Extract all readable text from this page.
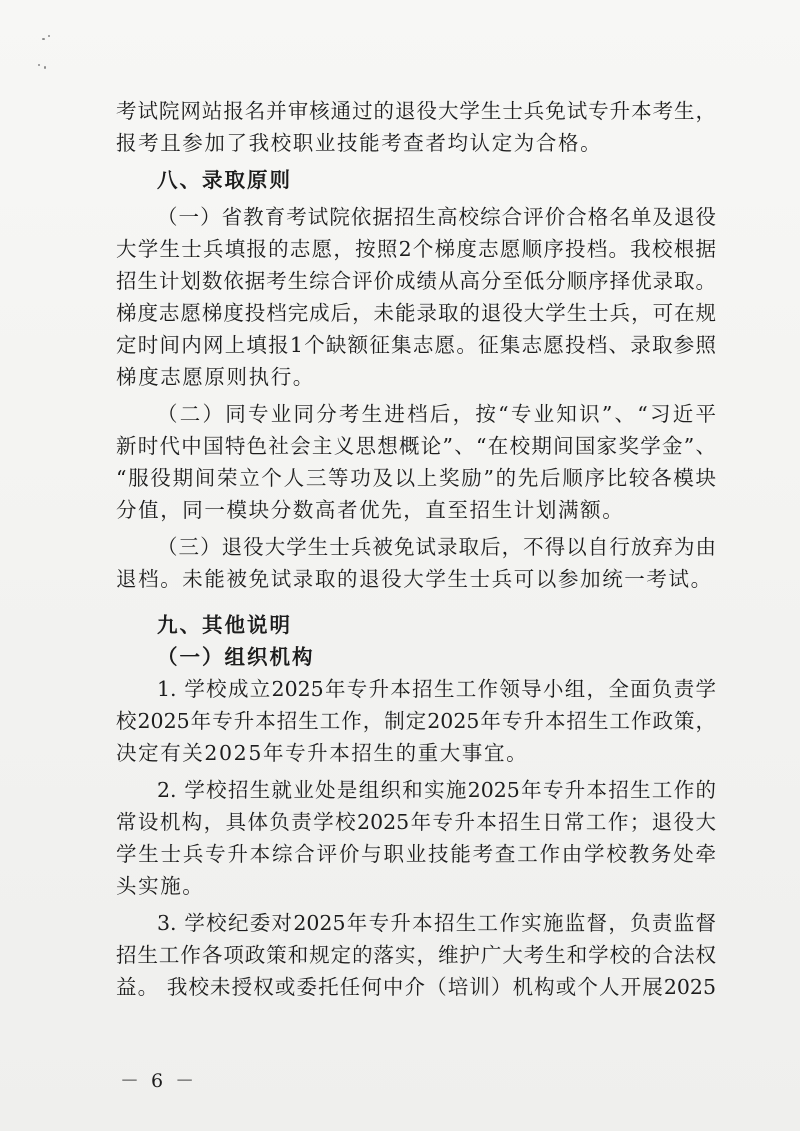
考试院网站报名并审核通过的退役大学生士兵免试专升本考生，
报考且参加了我校职业技能考查者均认定为合格。
八、录取原则
（一）省教育考试院依据招生高校综合评价合格名单及退役
大学生士兵填报的志愿，按照2个梯度志愿顺序投档。我校根据
招生计划数依据考生综合评价成绩从高分至低分顺序择优录取。
梯度志愿梯度投档完成后，未能录取的退役大学生士兵，可在规
定时间内网上填报1个缺额征集志愿。征集志愿投档、录取参照
梯度志愿原则执行。
（二）同专业同分考生进档后，按“专业知识”、“习近平
新时代中国特色社会主义思想概论”、“在校期间国家奖学金”、
“服役期间荣立个人三等功及以上奖励”的先后顺序比较各模块
分值，同一模块分数高者优先，直至招生计划满额。
（三）退役大学生士兵被免试录取后，不得以自行放弃为由
退档。未能被免试录取的退役大学生士兵可以参加统一考试。
九、其他说明
（一）组织机构
1. 学校成立2025年专升本招生工作领导小组，全面负责学
校2025年专升本招生工作，制定2025年专升本招生工作政策，
决定有关2025年专升本招生的重大事宜。
2. 学校招生就业处是组织和实施2025年专升本招生工作的
常设机构，具体负责学校2025年专升本招生日常工作；退役大
学生士兵专升本综合评价与职业技能考查工作由学校教务处牵
头实施。
3. 学校纪委对2025年专升本招生工作实施监督，负责监督
招生工作各项政策和规定的落实，维护广大考生和学校的合法权
益。 我校未授权或委托任何中介（培训）机构或个人开展2025
－ 6 －
